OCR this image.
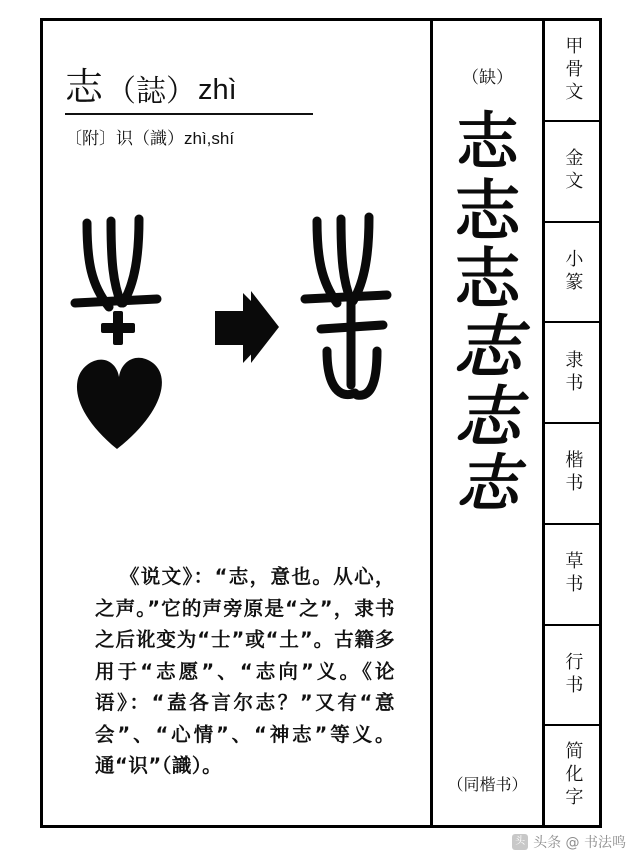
志 （誌） zhì
〔附〕识（識）zhì,shí
《说文》：“志，意也。从心，之声。”它的声旁原是“之”，隶书之后讹变为“士”或“土”。古籍多用于“志愿”、“志向”义。《论语》：“盍各言尔志？”又有“意会”、“心情”、“神志”等义。通“识”（識）。
（缺）
志
志
志
志
志
志
（同楷书）
甲骨文
金文
小篆
隶书
楷书
草书
行书
简化字
头 头条 @ 书法鸣
